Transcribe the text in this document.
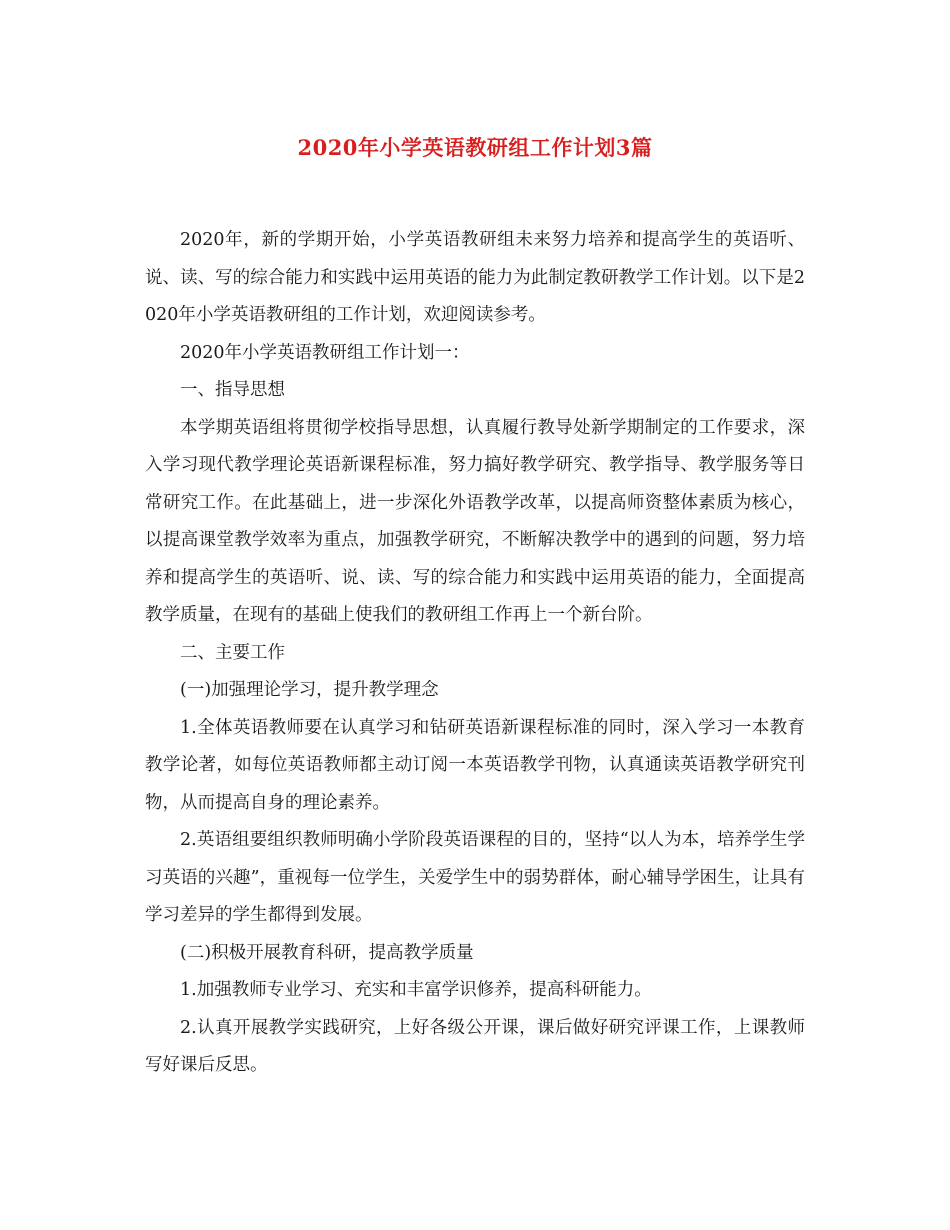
2020年小学英语教研组工作计划3篇

2020年，新的学期开始，小学英语教研组未来努力培养和提高学生的英语听、说、读、写的综合能力和实践中运用英语的能力为此制定教研教学工作计划。以下是2020年小学英语教研组的工作计划，欢迎阅读参考。

2020年小学英语教研组工作计划一：

一、指导思想

本学期英语组将贯彻学校指导思想，认真履行教导处新学期制定的工作要求，深入学习现代教学理论英语新课程标准，努力搞好教学研究、教学指导、教学服务等日常研究工作。在此基础上，进一步深化外语教学改革，以提高师资整体素质为核心，以提高课堂教学效率为重点，加强教学研究，不断解决教学中的遇到的问题，努力培养和提高学生的英语听、说、读、写的综合能力和实践中运用英语的能力，全面提高教学质量，在现有的基础上使我们的教研组工作再上一个新台阶。

二、主要工作

(一)加强理论学习，提升教学理念

1.全体英语教师要在认真学习和钻研英语新课程标准的同时，深入学习一本教育教学论著，如每位英语教师都主动订阅一本英语教学刊物，认真通读英语教学研究刊物，从而提高自身的理论素养。

2.英语组要组织教师明确小学阶段英语课程的目的，坚持“以人为本，培养学生学习英语的兴趣”，重视每一位学生，关爱学生中的弱势群体，耐心辅导学困生，让具有学习差异的学生都得到发展。

(二)积极开展教育科研，提高教学质量

1.加强教师专业学习、充实和丰富学识修养，提高科研能力。

2.认真开展教学实践研究，上好各级公开课，课后做好研究评课工作，上课教师写好课后反思。
